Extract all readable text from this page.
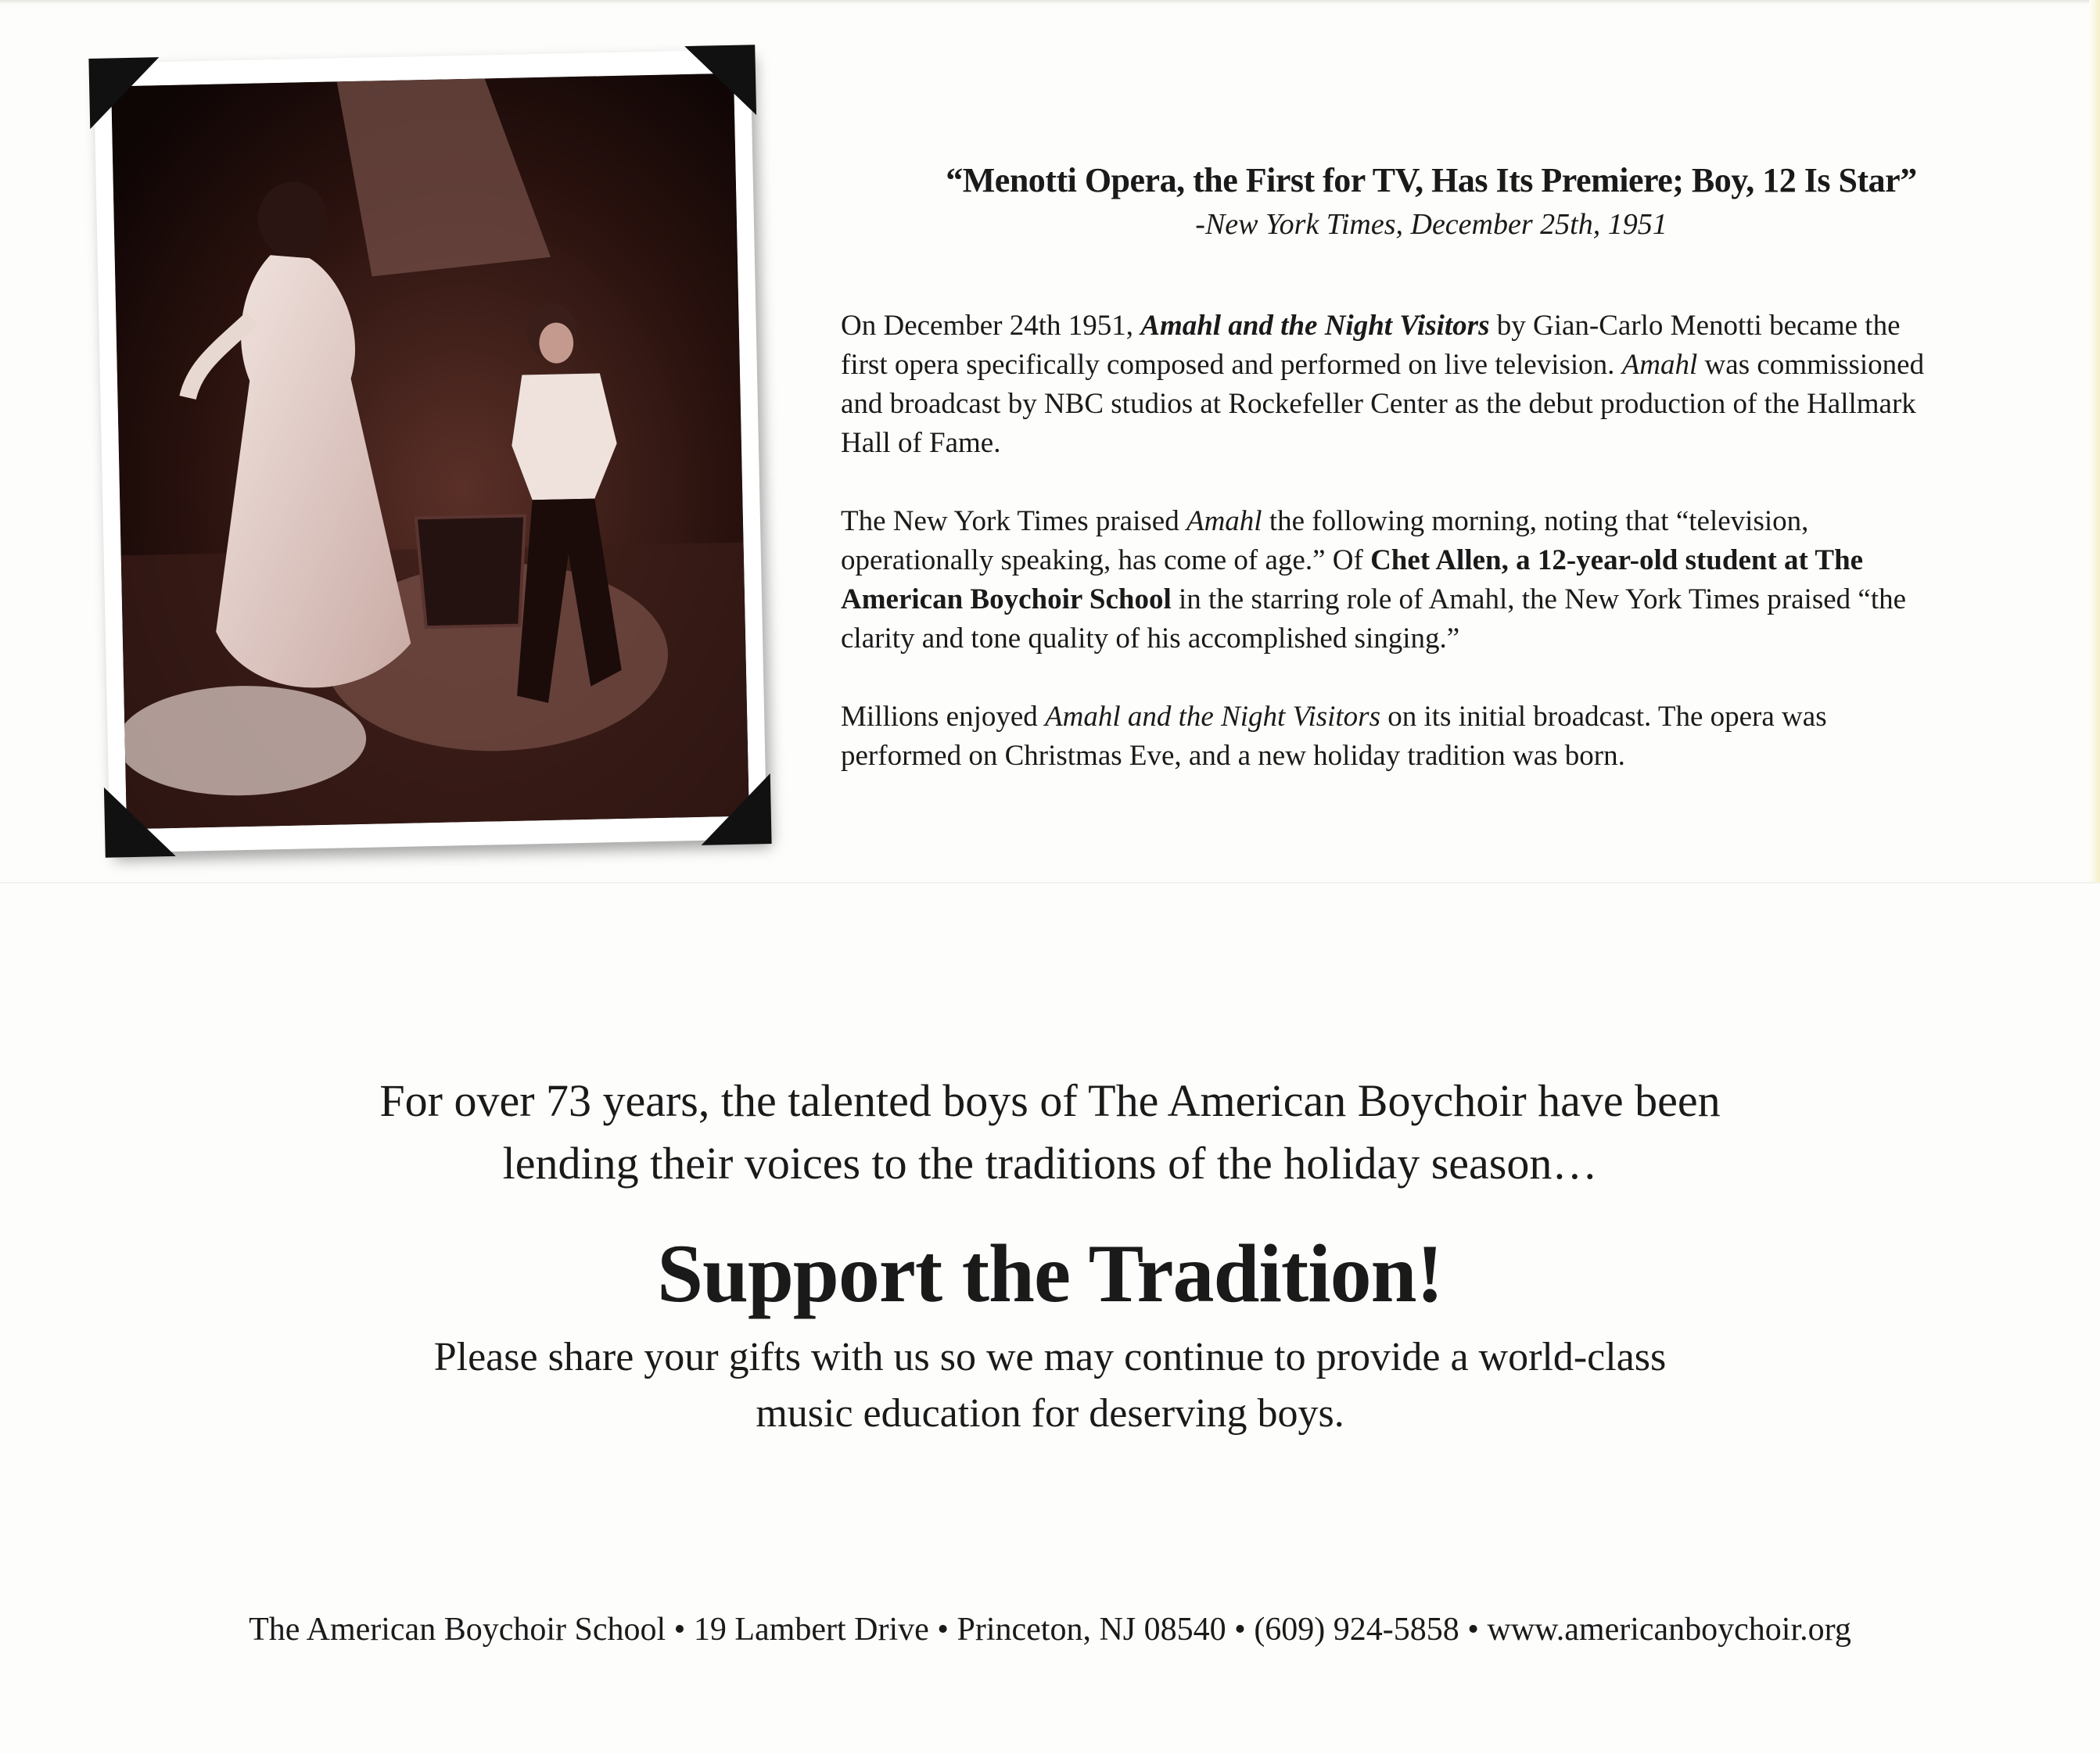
“Menotti Opera, the First for TV, Has Its Premiere; Boy, 12 Is Star”
-New York Times, December 25th, 1951

On December 24th 1951, Amahl and the Night Visitors by Gian-Carlo Menotti became the first opera specifically composed and performed on live television. Amahl was commissioned and broadcast by NBC studios at Rockefeller Center as the debut production of the Hallmark Hall of Fame.

The New York Times praised Amahl the following morning, noting that “television, operationally speaking, has come of age.” Of Chet Allen, a 12-year-old student at The American Boychoir School in the starring role of Amahl, the New York Times praised “the clarity and tone quality of his accomplished singing.”

Millions enjoyed Amahl and the Night Visitors on its initial broadcast. The opera was performed on Christmas Eve, and a new holiday tradition was born.

For over 73 years, the talented boys of The American Boychoir have been
lending their voices to the traditions of the holiday season…
Support the Tradition!
Please share your gifts with us so we may continue to provide a world-class
music education for deserving boys.
The American Boychoir School • 19 Lambert Drive • Princeton, NJ 08540 • (609) 924-5858 • www.americanboychoir.org
